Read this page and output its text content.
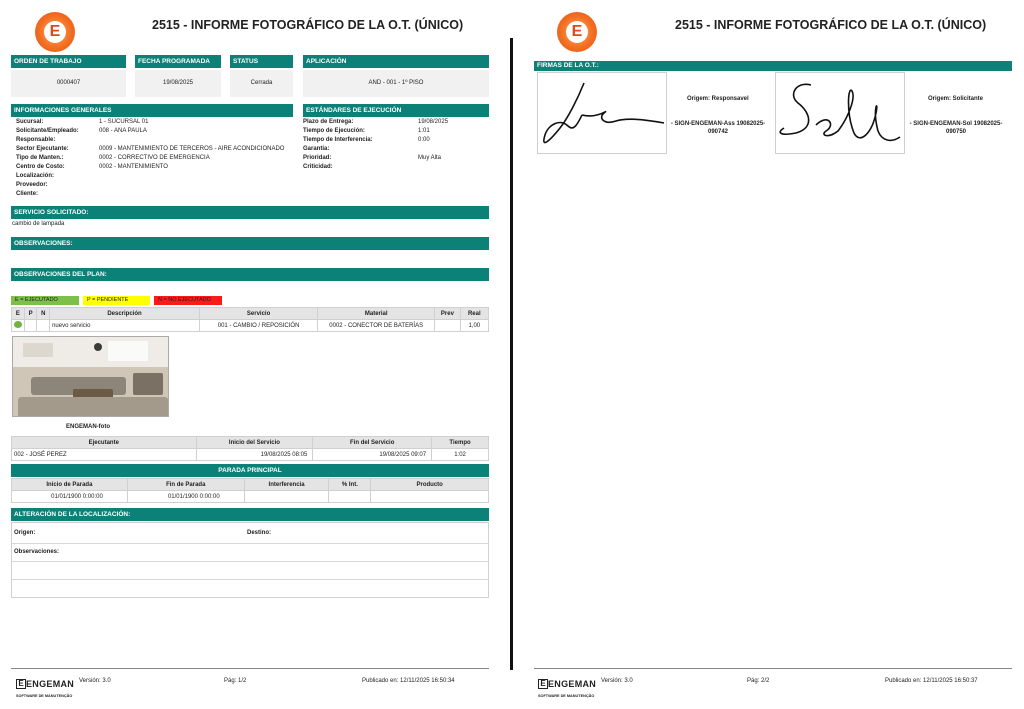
E	2515 - INFORME FOTOGRÁFICO DE LA O.T. (ÚNICO)
ORDEN DE TRABAJO
0000407
FECHA PROGRAMADA
19/08/2025
STATUS
Cerrada
APLICACIÓN
AND - 001 - 1º PISO
INFORMACIONES GENERALES
Sucursal:	1 - SUCURSAL 01
Solicitante/Empleado:	008 - ANA PAULA
Responsable:
Sector Ejecutante:	0009 - MANTENIMIENTO DE TERCEROS - AIRE ACONDICIONADO
Tipo de Manten.:	0002 - CORRECTIVO DE EMERGENCIA
Centro de Costo:	0002 - MANTENIMIENTO
Localización:
Proveedor:
Cliente:
ESTÁNDARES DE EJECUCIÓN
Plazo de Entrega:	19/08/2025
Tiempo de Ejecución:	1:01
Tiempo de Interferencia:	0:00
Garantía:
Prioridad:	Muy Alta
Criticidad:
SERVICIO SOLICITADO:
cambio de lampada
OBSERVACIONES:
OBSERVACIONES DEL PLAN:
E = EJECUTADO	P = PENDIENTE	N = NO EJECUTADO
E	P	N	Descripción	Servicio	Material	Prev	Real
			nuevo servicio	001 - CAMBIO / REPOSICIÓN	0002 - CONECTOR DE BATERÍAS		1,00
ENGEMAN-foto
Ejecutante	Inicio del Servicio	Fin del Servicio	Tiempo
002 - JOSÉ PEREZ	19/08/2025 08:05	19/08/2025 09:07	1:02
PARADA PRINCIPAL
Inicio de Parada	Fin de Parada	Interferencia	% Int.	Producto
01/01/1900 0:00:00	01/01/1900 0:00:00			
ALTERACIÓN DE LA LOCALIZACIÓN:
Origen:	Destino:
Observaciones:
E ENGEMAN
SOFTWARE DE MANUTENÇÃO
Versión: 3.0	Pág: 1/2	Publicado en: 12/11/2025 16:50:34
E	2515 - INFORME FOTOGRÁFICO DE LA O.T. (ÚNICO)
FIRMAS DE LA O.T.:
Origem: Responsavel
- SIGN-ENGEMAN-Ass 19082025-090742
Origem: Solicitante
- SIGN-ENGEMAN-Sol 19082025-090750
E ENGEMAN
SOFTWARE DE MANUTENÇÃO
Versión: 3.0	Pág: 2/2	Publicado en: 12/11/2025 16:50:37
